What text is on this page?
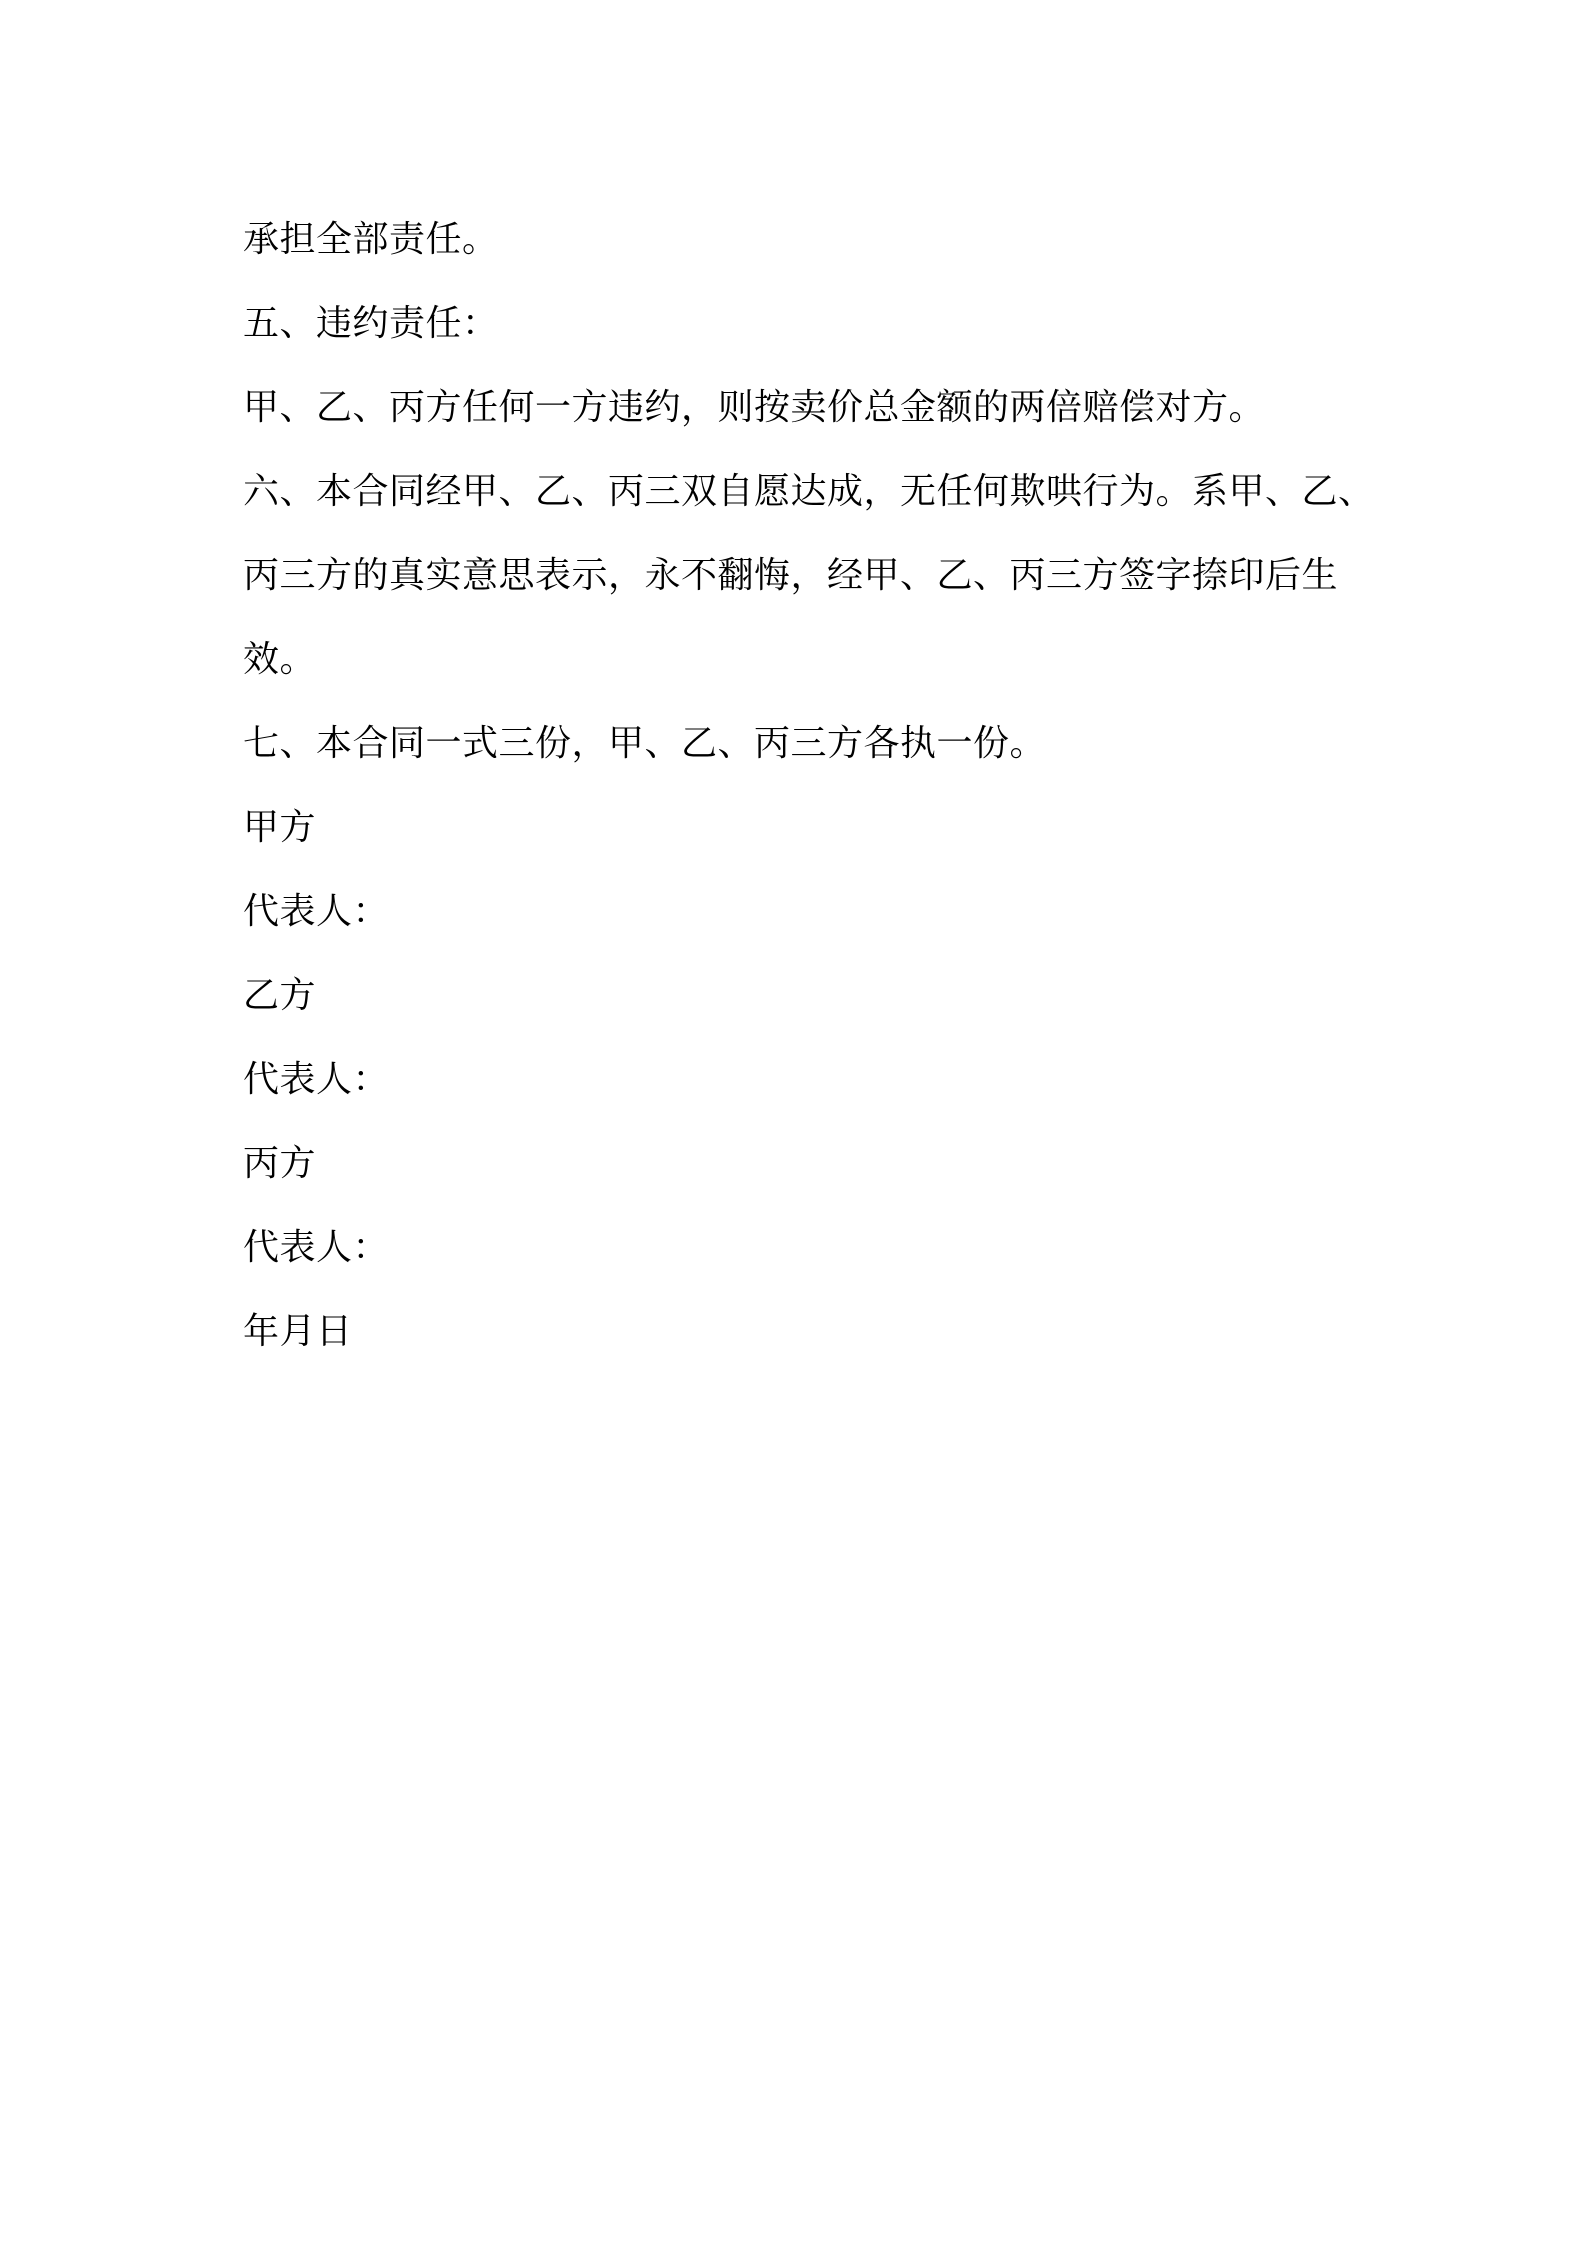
承担全部责任。
五、违约责任：
甲、乙、丙方任何一方违约，则按卖价总金额的两倍赔偿对方。
六、本合同经甲、乙、丙三双自愿达成，无任何欺哄行为。系甲、乙、
丙三方的真实意思表示，永不翻悔，经甲、乙、丙三方签字捺印后生
效。
七、本合同一式三份，甲、乙、丙三方各执一份。
甲方
代表人：
乙方
代表人：
丙方
代表人：
年月日
